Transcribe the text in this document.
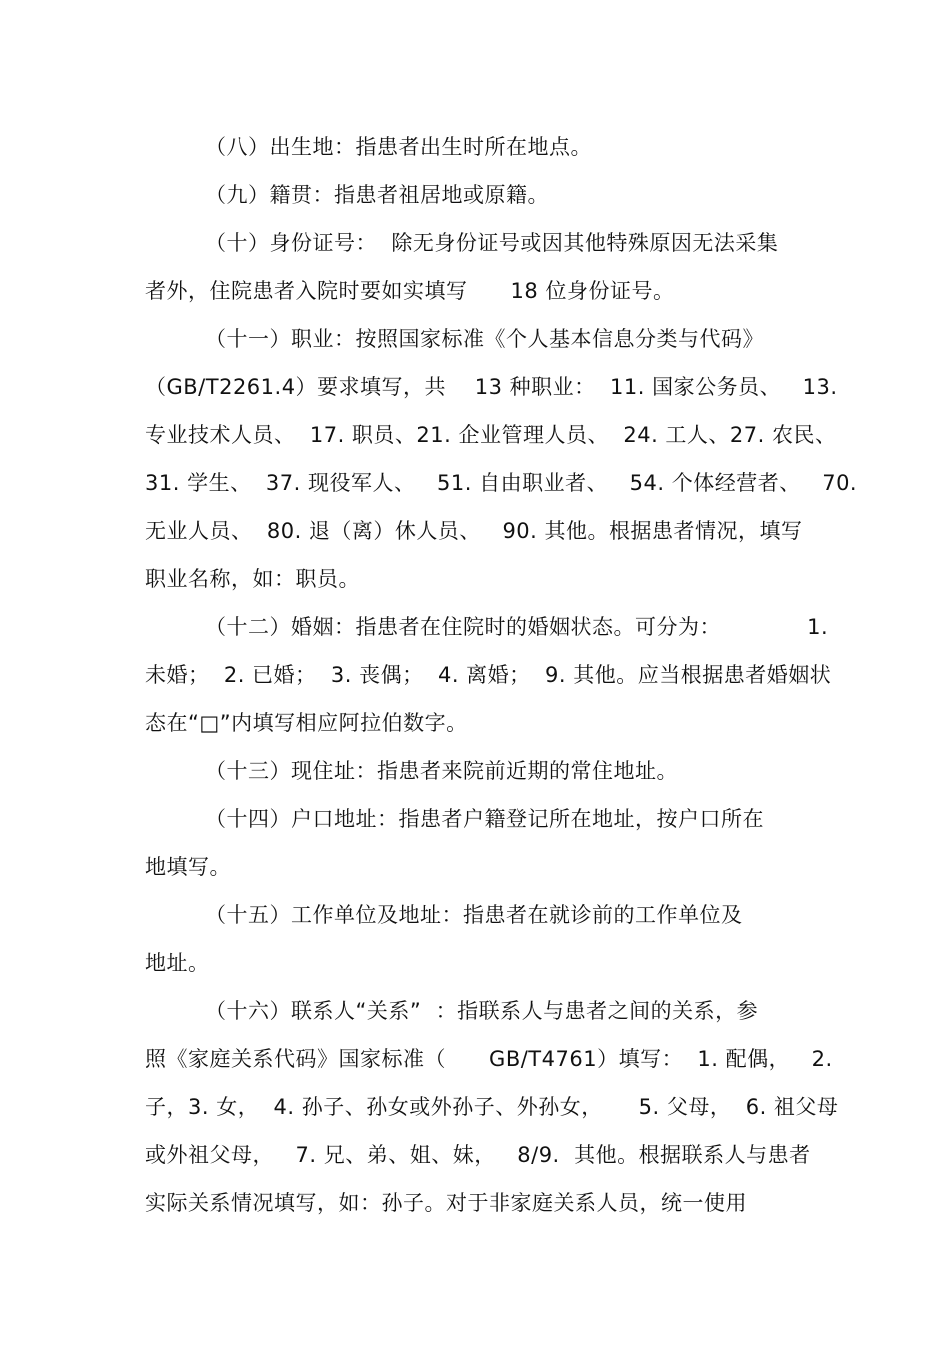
（八）出生地：指患者出生时所在地点。
（九）籍贯：指患者祖居地或原籍。
（十）身份证号：  除无身份证号或因其他特殊原因无法采集
者外，住院患者入院时要如实填写      18 位身份证号。
（十一）职业：按照国家标准《个人基本信息分类与代码》
（GB/T2261.4）要求填写，共    13 种职业：  11. 国家公务员、   13.
专业技术人员、  17. 职员、21. 企业管理人员、  24. 工人、27. 农民、
31. 学生、  37. 现役军人、   51. 自由职业者、   54. 个体经营者、   70.
无业人员、  80. 退（离）休人员、   90. 其他。根据患者情况，填写
职业名称，如：职员。
（十二）婚姻：指患者在住院时的婚姻状态。可分为：            1.
未婚；  2. 已婚；  3. 丧偶；  4. 离婚；  9. 其他。应当根据患者婚姻状
态在“□”内填写相应阿拉伯数字。
（十三）现住址：指患者来院前近期的常住地址。
（十四）户口地址：指患者户籍登记所在地址，按户口所在
地填写。
（十五）工作单位及地址：指患者在就诊前的工作单位及
地址。
（十六）联系人“关系”  ：指联系人与患者之间的关系，参
照《家庭关系代码》国家标准（      GB/T4761）填写：  1. 配偶，   2.
子，3. 女，  4. 孙子、孙女或外孙子、外孙女，     5. 父母，  6. 祖父母
或外祖父母，   7. 兄、弟、姐、妹，   8/9.  其他。根据联系人与患者
实际关系情况填写，如：孙子。对于非家庭关系人员，统一使用
